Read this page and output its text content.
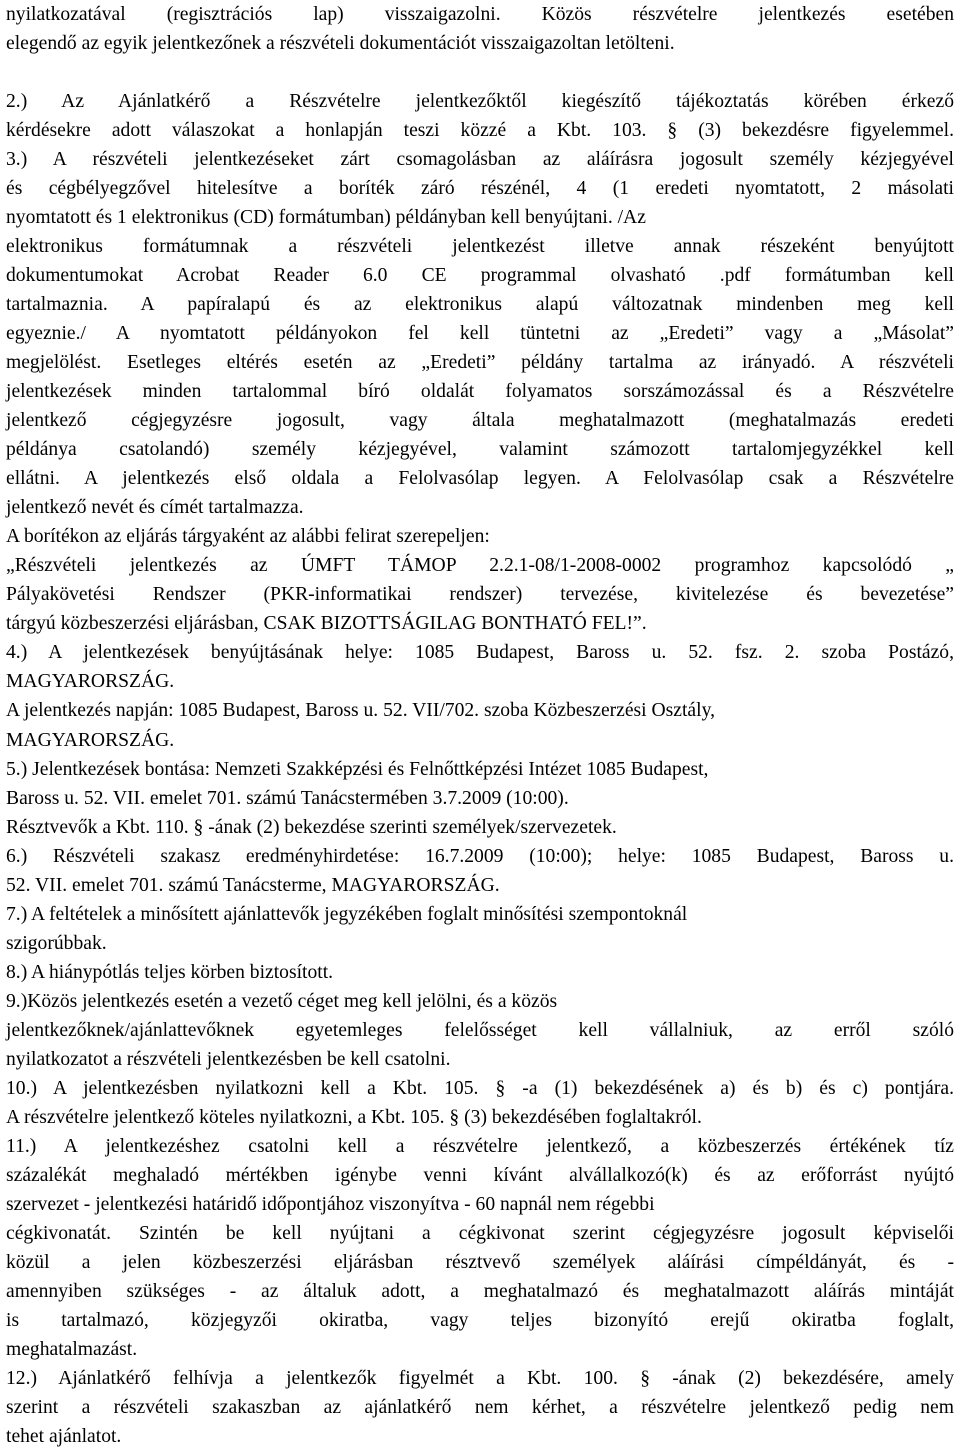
nyilatkozatával (regisztrációs lap) visszaigazolni. Közös részvételre jelentkezés esetében

elegendő az egyik jelentkezőnek a részvételi dokumentációt visszaigazoltan letölteni.

2.) Az Ajánlatkérő a Részvételre jelentkezőktől kiegészítő tájékoztatás körében érkező

kérdésekre adott válaszokat a honlapján teszi közzé a Kbt. 103. § (3) bekezdésre figyelemmel.

3.) A részvételi jelentkezéseket zárt csomagolásban az aláírásra jogosult személy kézjegyével

és cégbélyegzővel hitelesítve a boríték záró részénél, 4 (1 eredeti nyomtatott, 2 másolati

nyomtatott és 1 elektronikus (CD) formátumban) példányban kell benyújtani. /Az

elektronikus formátumnak a részvételi jelentkezést illetve annak részeként benyújtott

dokumentumokat Acrobat Reader 6.0 CE programmal olvasható .pdf formátumban kell

tartalmaznia. A papíralapú és az elektronikus alapú változatnak mindenben meg kell

egyeznie./ A nyomtatott példányokon fel kell tüntetni az „Eredeti” vagy a „Másolat”

megjelölést. Esetleges eltérés esetén az „Eredeti” példány tartalma az irányadó. A részvételi

jelentkezések minden tartalommal bíró oldalát folyamatos sorszámozással és a Részvételre

jelentkező cégjegyzésre jogosult, vagy általa meghatalmazott (meghatalmazás eredeti

példánya csatolandó) személy kézjegyével, valamint számozott tartalomjegyzékkel kell

ellátni. A jelentkezés első oldala a Felolvasólap legyen. A Felolvasólap csak a Részvételre

jelentkező nevét és címét tartalmazza.

A borítékon az eljárás tárgyaként az alábbi felirat szerepeljen:

„Részvételi jelentkezés az ÚMFT TÁMOP 2.2.1-08/1-2008-0002 programhoz kapcsolódó „

Pályakövetési Rendszer (PKR-informatikai rendszer) tervezése, kivitelezése és bevezetése”

tárgyú közbeszerzési eljárásban, CSAK BIZOTTSÁGILAG BONTHATÓ FEL!”.

4.) A jelentkezések benyújtásának helye: 1085 Budapest, Baross u. 52. fsz. 2. szoba Postázó,

MAGYARORSZÁG.

A jelentkezés napján: 1085 Budapest, Baross u. 52. VII/702. szoba Közbeszerzési Osztály,

MAGYARORSZÁG.

5.) Jelentkezések bontása: Nemzeti Szakképzési és Felnőttképzési Intézet 1085 Budapest,

Baross u. 52. VII. emelet 701. számú Tanácstermében 3.7.2009 (10:00).

Résztvevők a Kbt. 110. § -ának (2) bekezdése szerinti személyek/szervezetek.

6.) Részvételi szakasz eredményhirdetése: 16.7.2009 (10:00); helye: 1085 Budapest, Baross u.

52. VII. emelet 701. számú Tanácsterme, MAGYARORSZÁG.

7.) A feltételek a minősített ajánlattevők jegyzékében foglalt minősítési szempontoknál

szigorúbbak.

8.) A hiánypótlás teljes körben biztosított.

9.)Közös jelentkezés esetén a vezető céget meg kell jelölni, és a közös

jelentkezőknek/ajánlattevőknek egyetemleges felelősséget kell vállalniuk, az erről szóló

nyilatkozatot a részvételi jelentkezésben be kell csatolni.

10.) A jelentkezésben nyilatkozni kell a Kbt. 105. § -a (1) bekezdésének a) és b) és c) pontjára.

A részvételre jelentkező köteles nyilatkozni, a Kbt. 105. § (3) bekezdésében foglaltakról.

11.) A jelentkezéshez csatolni kell a részvételre jelentkező, a közbeszerzés értékének tíz

százalékát meghaladó mértékben igénybe venni kívánt alvállalkozó(k) és az erőforrást nyújtó

szervezet - jelentkezési határidő időpontjához viszonyítva - 60 napnál nem régebbi

cégkivonatát. Szintén be kell nyújtani a cégkivonat szerint cégjegyzésre jogosult képviselői

közül a jelen közbeszerzési eljárásban résztvevő személyek aláírási címpéldányát, és -

amennyiben szükséges - az általuk adott, a meghatalmazó és meghatalmazott aláírás mintáját

is tartalmazó, közjegyzői okiratba, vagy teljes bizonyító erejű okiratba foglalt,

meghatalmazást.

12.) Ajánlatkérő felhívja a jelentkezők figyelmét a Kbt. 100. § -ának (2) bekezdésére, amely

szerint a részvételi szakaszban az ajánlatkérő nem kérhet, a részvételre jelentkező pedig nem

tehet ajánlatot.
